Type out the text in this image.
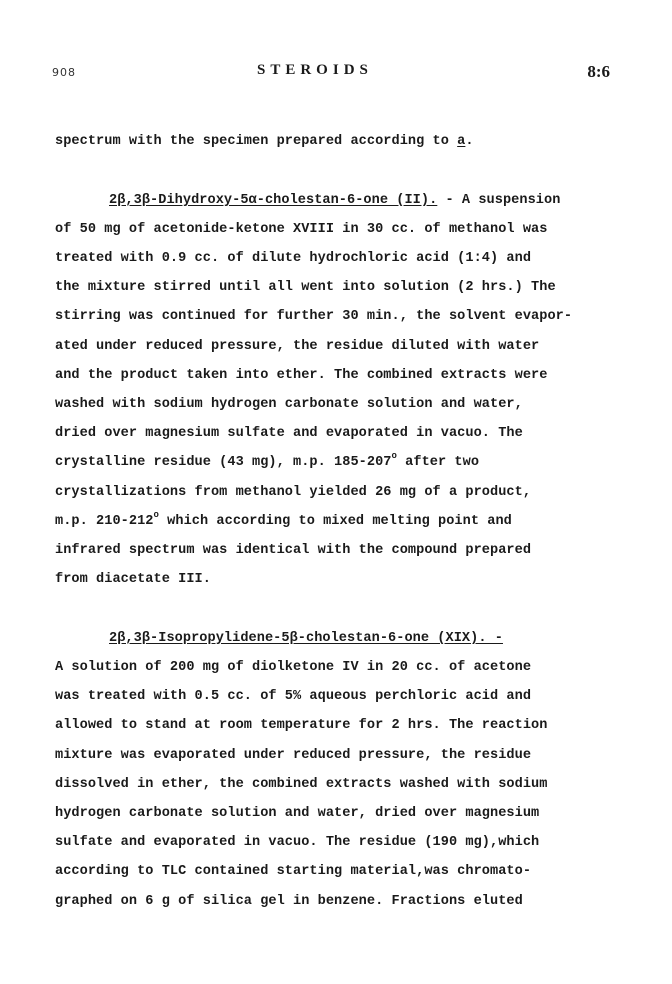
908	STEROIDS	8:6
spectrum with the specimen prepared according to a.
2β,3β-Dihydroxy-5α-cholestan-6-one (II). - A suspension
of 50 mg of acetonide-ketone XVIII in 30 cc. of methanol was
treated with 0.9 cc. of dilute hydrochloric acid (1:4) and
the mixture stirred until all went into solution (2 hrs.) The
stirring was continued for further 30 min., the solvent evapor-
ated under reduced pressure, the residue diluted with water
and the product taken into ether. The combined extracts were
washed with sodium hydrogen carbonate solution and water,
dried over magnesium sulfate and evaporated in vacuo. The
crystalline residue (43 mg), m.p. 185-207$^o$ after two
crystallizations from methanol yielded 26 mg of a product,
m.p. 210-212$^o$ which according to mixed melting point and
infrared spectrum was identical with the compound prepared
from diacetate III.
2β,3β-Isopropylidene-5β-cholestan-6-one (XIX). -
A solution of 200 mg of diolketone IV in 20 cc. of acetone
was treated with 0.5 cc. of 5% aqueous perchloric acid and
allowed to stand at room temperature for 2 hrs. The reaction
mixture was evaporated under reduced pressure, the residue
dissolved in ether, the combined extracts washed with sodium
hydrogen carbonate solution and water, dried over magnesium
sulfate and evaporated in vacuo. The residue (190 mg),which
according to TLC contained starting material,was chromato-
graphed on 6 g of silica gel in benzene. Fractions eluted
